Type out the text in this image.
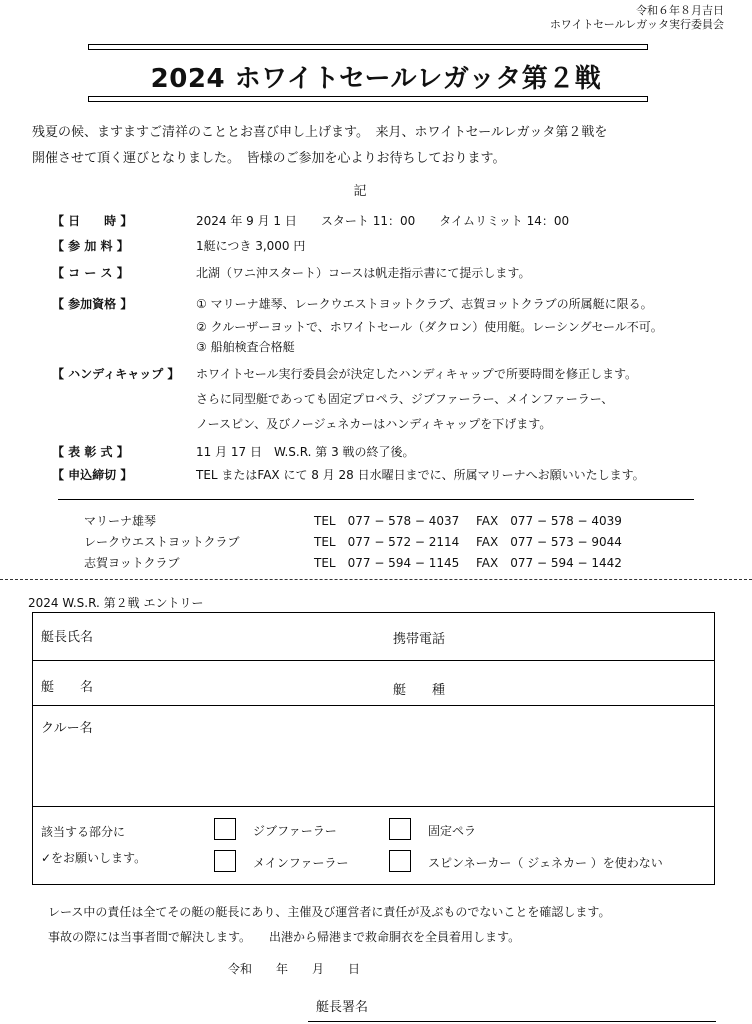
令和６年８月吉日
ホワイトセールレガッタ実行委員会
2024 ホワイトセールレガッタ第２戦
残夏の候、ますますご清祥のこととお喜び申し上げます。　来月、ホワイトセールレガッタ第２戦を
開催させて頂く運びとなりました。　皆様のご参加を心よりお待ちしております。
記
【 日　　時 】	2024 年 9 月 1 日　　スタート 11：00　　タイムリミット 14：00
【 参 加 料 】	1艇につき 3,000 円
【 コ ー ス 】	北湖（ワニ沖スタート）コースは帆走指示書にて提示します。
【 参加資格 】	① マリーナ雄琴、レークウエストヨットクラブ、志賀ヨットクラブの所属艇に限る。
② クルーザーヨットで、ホワイトセール（ダクロン）使用艇。レーシングセール不可。
③ 船舶検査合格艇
【 ハンディキャップ 】 ホワイトセール実行委員会が決定したハンディキャップで所要時間を修正します。
さらに同型艇であっても固定プロペラ、ジブファーラー、メインファーラー、
ノースピン、及びノージェネカーはハンディキャップを下げます。
【 表 彰 式 】	11 月 17 日　W.S.R. 第 3 戦の終了後。
【 申込締切 】	TEL またはFAX にて 8 月 28 日水曜日までに、所属マリーナへお願いいたします。
マリーナ雄琴	TEL　077 − 578 − 4037 FAX　077 − 578 − 4039
レークウエストヨットクラブ	TEL　077 − 572 − 2114 FAX　077 − 573 − 9044
志賀ヨットクラブ	TEL　077 − 594 − 1145 FAX　077 − 594 − 1442
2024 W.S.R. 第２戦 エントリー
艇長氏名	携帯電話
艇　　名	艇　　種
クルー名
該当する部分に
✓をお願いします。
ジブファーラー	固定ペラ
メインファーラー	スピンネーカー（ ジェネカー ）を使わない
レース中の責任は全てその艇の艇長にあり、主催及び運営者に責任が及ぶものでないことを確認します。
事故の際には当事者間で解決します。　　出港から帰港まで救命胴衣を全員着用します。
令和　　年　　月　　日
艇長署名
